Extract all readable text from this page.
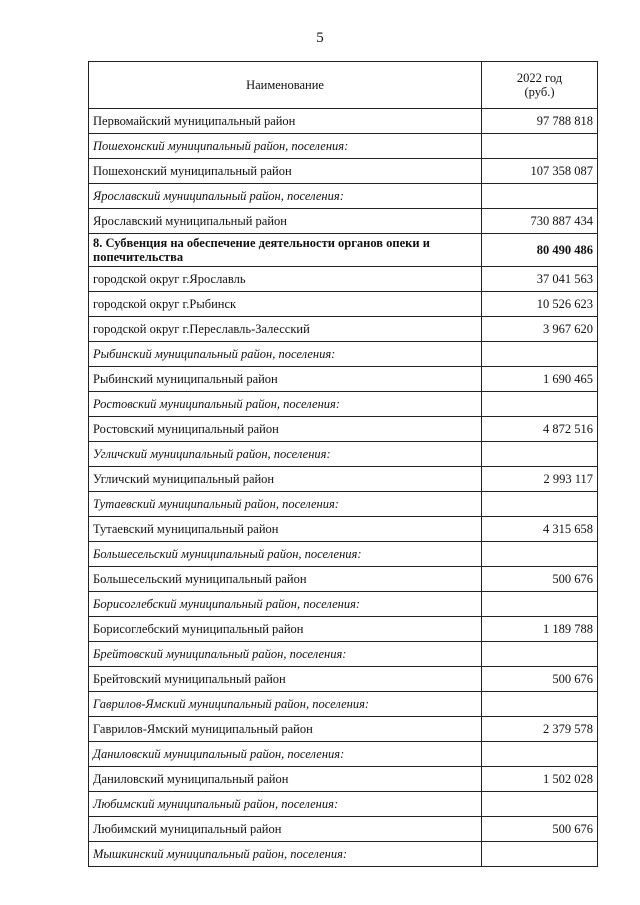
5
Наименование	2022 год
(руб.)
Первомайский муниципальный район	97 788 818
Пошехонский муниципальный район, поселения:	
Пошехонский муниципальный район	107 358 087
Ярославский муниципальный район, поселения:	
Ярославский муниципальный район	730 887 434
8. Субвенция на обеспечение деятельности органов опеки и попечительства	80 490 486
городской округ г.Ярославль	37 041 563
городской округ г.Рыбинск	10 526 623
городской округ г.Переславль-Залесский	3 967 620
Рыбинский муниципальный район, поселения:	
Рыбинский муниципальный район	1 690 465
Ростовский муниципальный район, поселения:	
Ростовский муниципальный район	4 872 516
Угличский муниципальный район, поселения:	
Угличский муниципальный район	2 993 117
Тутаевский муниципальный район, поселения:	
Тутаевский муниципальный район	4 315 658
Большесельский муниципальный район, поселения:	
Большесельский муниципальный район	500 676
Борисоглебский муниципальный район, поселения:	
Борисоглебский муниципальный район	1 189 788
Брейтовский муниципальный район, поселения:	
Брейтовский муниципальный район	500 676
Гаврилов-Ямский муниципальный район, поселения:	
Гаврилов-Ямский муниципальный район	2 379 578
Даниловский муниципальный район, поселения:	
Даниловский муниципальный район	1 502 028
Любимский муниципальный район, поселения:	
Любимский муниципальный район	500 676
Мышкинский муниципальный район, поселения:	
